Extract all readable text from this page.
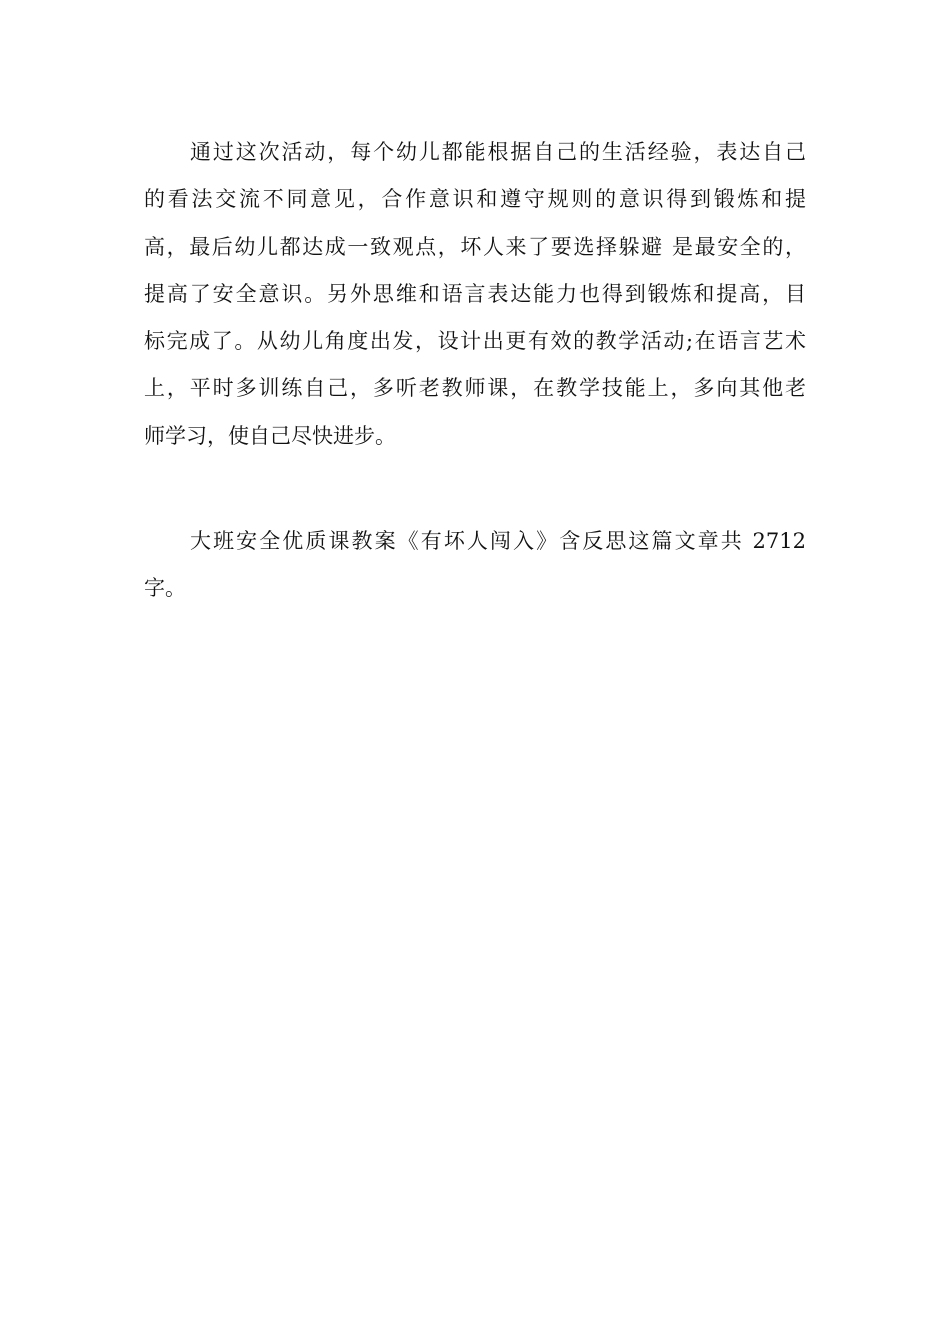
通过这次活动，每个幼儿都能根据自己的生活经验，表达自己
的看法交流不同意见，合作意识和遵守规则的意识得到锻炼和提
高，最后幼儿都达成一致观点，坏人来了要选择躲避 是最安全的，
提高了安全意识。另外思维和语言表达能力也得到锻炼和提高，目
标完成了。从幼儿角度出发，设计出更有效的教学活动;在语言艺术
上，平时多训练自己，多听老教师课，在教学技能上，多向其他老
师学习，使自己尽快进步。
大班安全优质课教案《有坏人闯入》含反思这篇文章共 2712
字。
